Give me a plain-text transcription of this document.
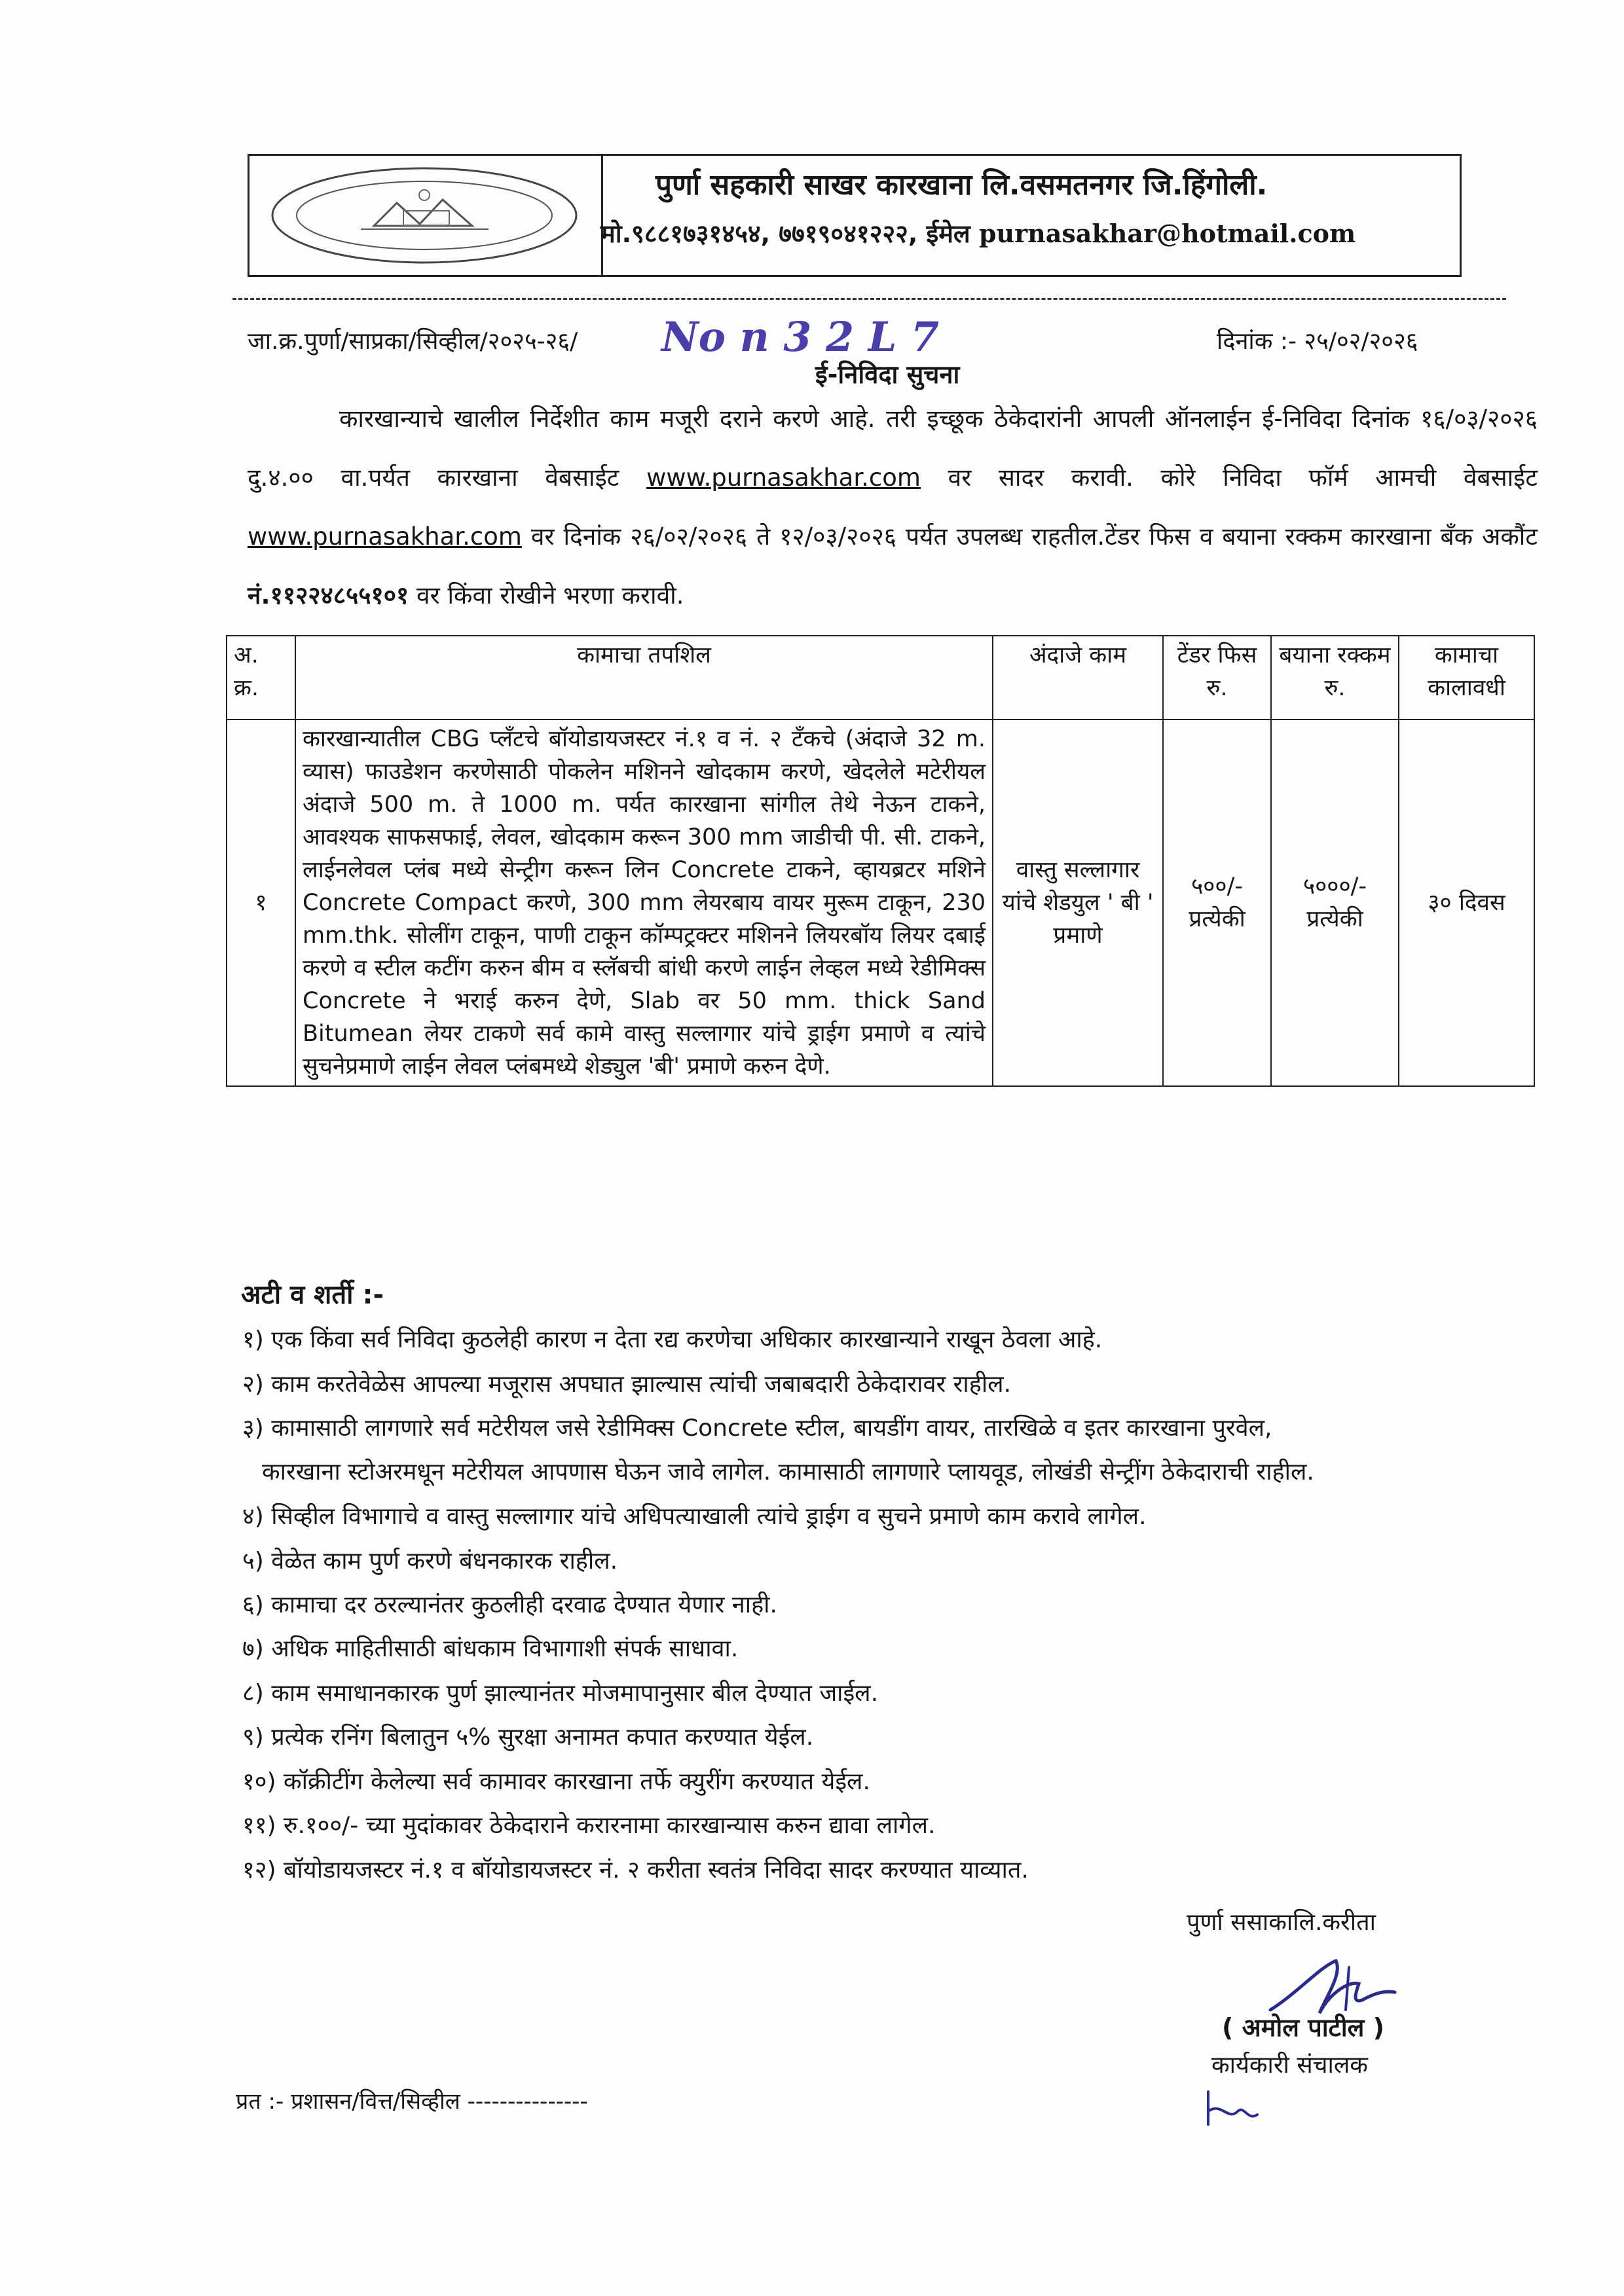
पुर्णा सहकारी साखर कारखाना लि.वसमतनगर जि.हिंगोली.
मो.९८८१७३१४५४, ७७१९०४१२२२, ईमेल purnasakhar@hotmail.com
जा.क्र.पुर्णा/साप्रका/सिव्हील/२०२५-२६/ No n 3 2 L 7	दिनांक :- २५/०२/२०२६
ई-निविदा सुचना
कारखान्याचे खालील निर्देशीत काम मजूरी दराने करणे आहे. तरी इच्छूक ठेकेदारांनी आपली ऑनलाईन ई-निविदा दिनांक १६/०३/२०२६ दु.४.०० वा.पर्यत कारखाना वेबसाईट www.purnasakhar.com वर सादर करावी. कोरे निविदा फॉर्म आमची वेबसाईट www.purnasakhar.com वर दिनांक २६/०२/२०२६ ते १२/०३/२०२६ पर्यत उपलब्ध राहतील.टेंडर फिस व बयाना रक्कम कारखाना बँक अकौंट नं.११२२४८५५१०१ वर किंवा रोखीने भरणा करावी.
अ. क्र.	कामाचा तपशिल	अंदाजे काम	टेंडर फिस रु.	बयाना रक्कम रु.	कामाचा कालावधी
१	कारखान्यातील CBG प्लँटचे बॉयोडायजस्टर नं.१ व नं. २ टँकचे (अंदाजे 32 m. व्यास) फाउडेशन करणेसाठी पोकलेन मशिनने खोदकाम करणे, खेदलेले मटेरीयल अंदाजे 500 m. ते 1000 m. पर्यत कारखाना सांगील तेथे नेऊन टाकने, आवश्यक साफसफाई, लेवल, खोदकाम करून 300 mm जाडीची पी. सी. टाकने, लाईनलेवल प्लंब मध्ये सेन्ट्रीग करून लिन Concrete टाकने, व्हायब्रटर मशिने Concrete Compact करणे, 300 mm लेयरबाय वायर मुरूम टाकून, 230 mm.thk. सोलींग टाकून, पाणी टाकून कॉम्पट्रक्टर मशिनने लियरबॉय लियर दबाई करणे व स्टील कटींग करुन बीम व स्लॅबची बांधी करणे लाईन लेव्हल मध्ये रेडीमिक्स Concrete ने भराई करुन देणे, Slab वर 50 mm. thick Sand Bitumean लेयर टाकणे सर्व कामे वास्तु सल्लागार यांचे ड्राईग प्रमाणे व त्यांचे सुचनेप्रमाणे लाईन लेवल प्लंबमध्ये शेड्युल 'बी' प्रमाणे करुन देणे.	वास्तु सल्लागार यांचे शेडयुल ' बी ' प्रमाणे	५००/- प्रत्येकी	५०००/- प्रत्येकी	३० दिवस
अटी व शर्ती :-
१) एक किंवा सर्व निविदा कुठलेही कारण न देता रद्य करणेचा अधिकार कारखान्याने राखून ठेवला आहे.
२) काम करतेवेळेस आपल्या मजूरास अपघात झाल्यास त्यांची जबाबदारी ठेकेदारावर राहील.
३) कामासाठी लागणारे सर्व मटेरीयल जसे रेडीमिक्स Concrete स्टील, बायडींग वायर, तारखिळे व इतर कारखाना पुरवेल,
कारखाना स्टोअरमधून मटेरीयल आपणास घेऊन जावे लागेल. कामासाठी लागणारे प्लायवूड, लोखंडी सेन्ट्रींग ठेकेदाराची राहील.
४) सिव्हील विभागाचे व वास्तु सल्लागार यांचे अधिपत्याखाली त्यांचे ड्राईग व सुचने प्रमाणे काम करावे लागेल.
५) वेळेत काम पुर्ण करणे बंधनकारक राहील.
६) कामाचा दर ठरल्यानंतर कुठलीही दरवाढ देण्यात येणार नाही.
७) अधिक माहितीसाठी बांधकाम विभागाशी संपर्क साधावा.
८) काम समाधानकारक पुर्ण झाल्यानंतर मोजमापानुसार बील देण्यात जाईल.
९) प्रत्येक रनिंग बिलातुन ५% सुरक्षा अनामत कपात करण्यात येईल.
१०) कॉक्रीटींग केलेल्या सर्व कामावर कारखाना तर्फे क्युरींग करण्यात येईल.
११) रु.१००/- च्या मुदांकावर ठेकेदाराने करारनामा कारखान्यास करुन द्यावा लागेल.
१२) बॉयोडायजस्टर नं.१ व बॉयोडायजस्टर नं. २ करीता स्वतंत्र निविदा सादर करण्यात याव्यात.
पुर्णा ससाकालि.करीता
( अमोल पाटील )
कार्यकारी संचालक
प्रत :- प्रशासन/वित्त/सिव्हील ---------------
